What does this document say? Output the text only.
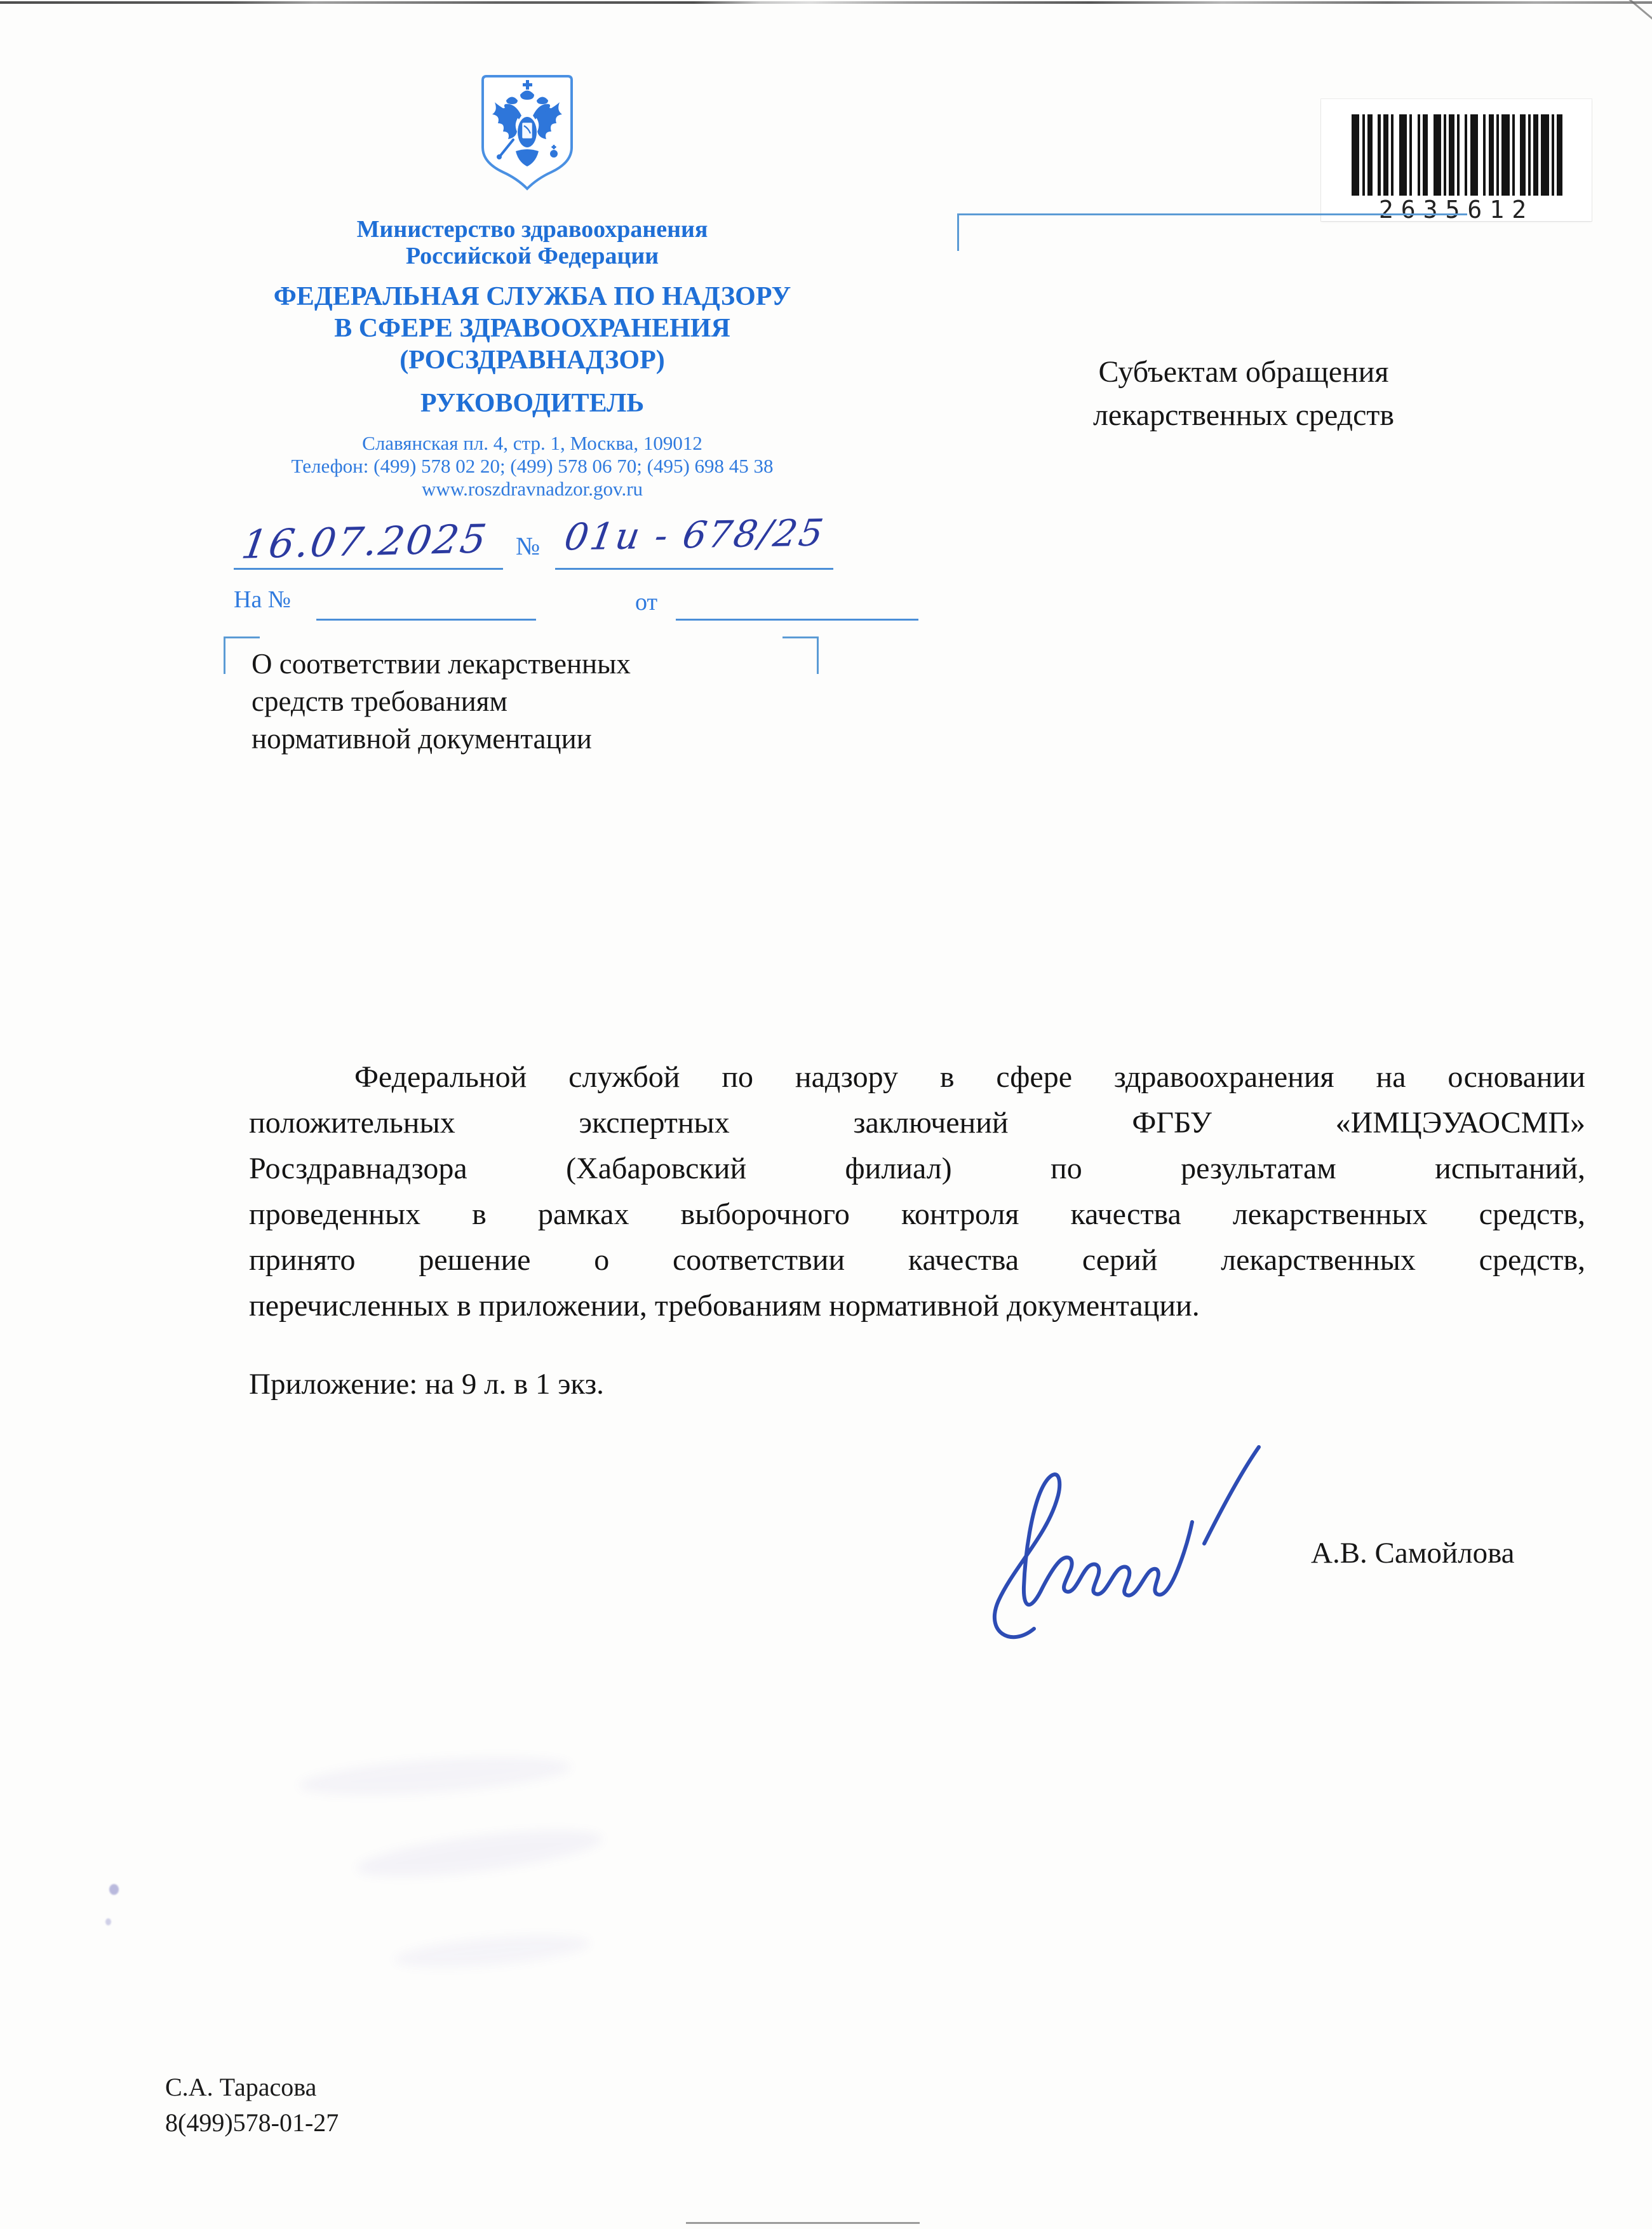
Министерство здравоохранения
Российской Федерации
ФЕДЕРАЛЬНАЯ СЛУЖБА ПО НАДЗОРУ
В СФЕРЕ ЗДРАВООХРАНЕНИЯ
(РОСЗДРАВНАДЗОР)
РУКОВОДИТЕЛЬ
Славянская пл. 4, стр. 1, Москва, 109012
Телефон: (499) 578 02 20; (499) 578 06 70; (495) 698 45 38
www.roszdravnadzor.gov.ru
16.07.2025 № 01и - 678/25
На №	от
2635612
Субъектам обращения
лекарственных средств
О соответствии лекарственных
средств требованиям
нормативной документации
Федеральной службой по надзору в сфере здравоохранения на основании
положительных экспертных заключений ФГБУ «ИМЦЭУАОСМП»
Росздравнадзора (Хабаровский филиал) по результатам испытаний,
проведенных в рамках выборочного контроля качества лекарственных средств,
принято решение о соответствии качества серий лекарственных средств,
перечисленных в приложении, требованиям нормативной документации.
Приложение: на 9 л. в 1 экз.
А.В. Самойлова
С.А. Тарасова
8(499)578-01-27
